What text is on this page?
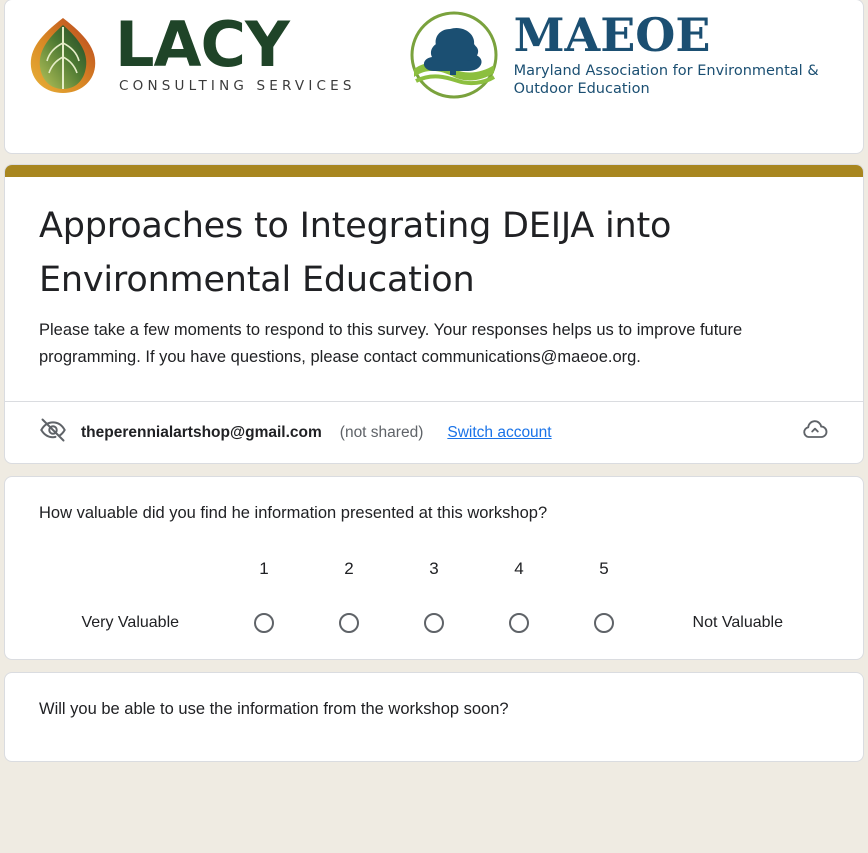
LACY
CONSULTING SERVICES
MAEOE
Maryland Association for Environmental &
Outdoor Education
Approaches to Integrating DEIJA into Environmental Education

Please take a few moments to respond to this survey. Your responses helps us to improve future programming. If you have questions, please contact communications@maeoe.org.

theperennialartshop@gmail.com (not shared) Switch account

How valuable did you find he information presented at this workshop?

Very Valuable
1	2	3	4	5
Not Valuable

Will you be able to use the information from the workshop soon?
